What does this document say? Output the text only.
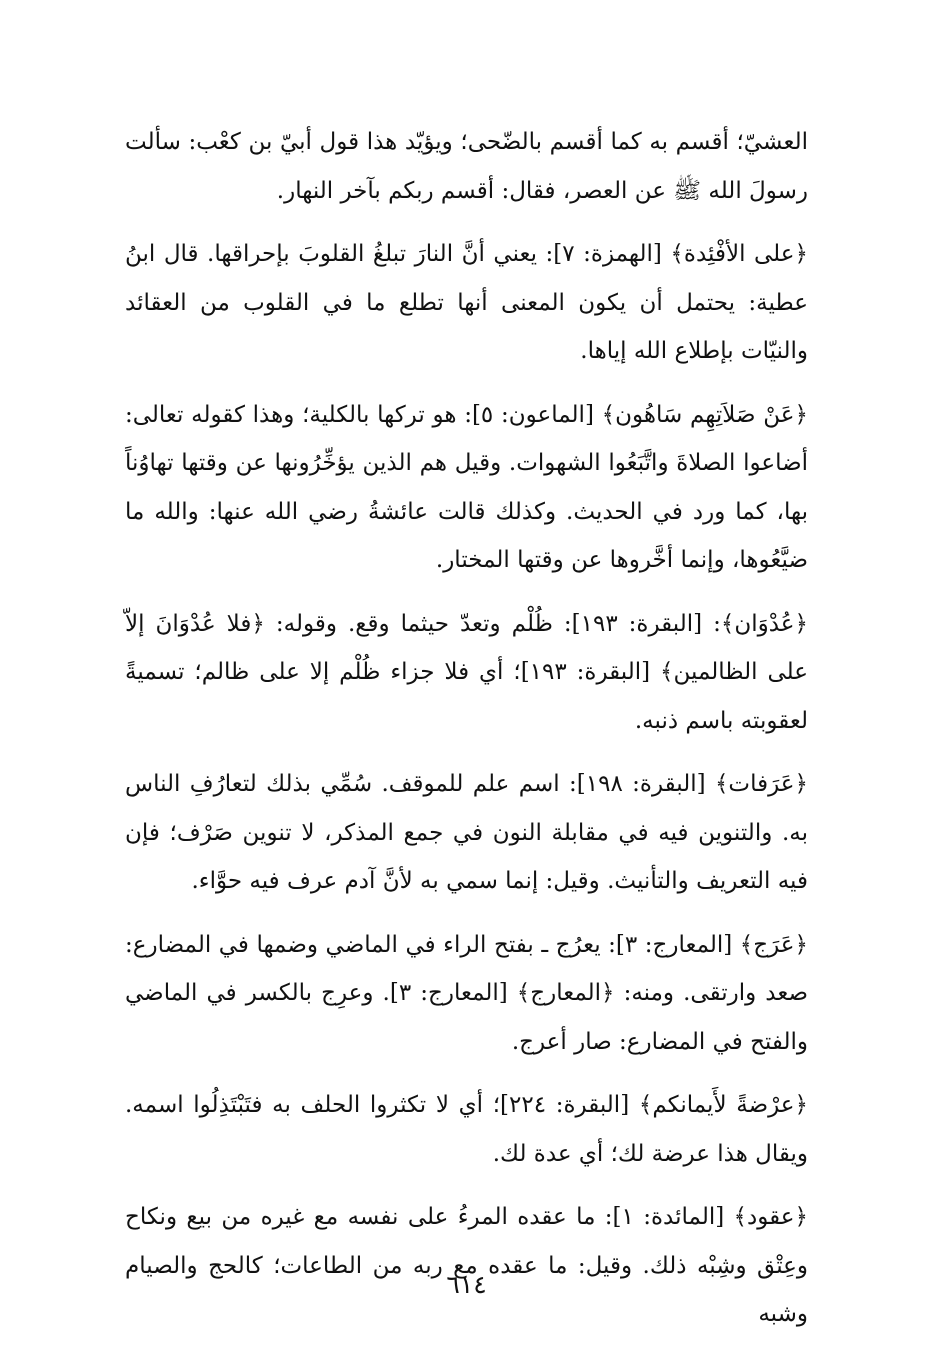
العشيّ؛ أقسم به كما أقسم بالضّحى؛ ويؤيّد هذا قول أبيّ بن كعْب: سألت رسولَ الله ﷺ عن العصر، فقال: أقسم ربكم بآخر النهار.

﴿على الأفْئِدة﴾ [الهمزة: ٧]: يعني أنَّ النارَ تبلغُ القلوبَ بإحراقها. قال ابنُ عطية: يحتمل أن يكون المعنى أنها تطلع ما في القلوب من العقائد والنيّات بإطلاع الله إياها.

﴿عَنْ صَلاَتِهِم سَاهُون﴾ [الماعون: ٥]: هو تركها بالكلية؛ وهذا كقوله تعالى: أضاعوا الصلاةَ واتَّبَعُوا الشهوات. وقيل هم الذين يؤخِّرُونها عن وقتها تهاوُناً بها، كما ورد في الحديث. وكذلك قالت عائشةُ رضي الله عنها: والله ما ضيَّعُوها، وإنما أخَّروها عن وقتها المختار.

﴿عُدْوَان﴾: [البقرة: ١٩٣]: ظُلْم وتعدّ حيثما وقع. وقوله: ﴿فلا عُدْوَانَ إلاّ على الظالمين﴾ [البقرة: ١٩٣]؛ أي فلا جزاء ظُلْم إلا على ظالم؛ تسميةً لعقوبته باسم ذنبه.

﴿عَرَفات﴾ [البقرة: ١٩٨]: اسم علم للموقف. سُمِّي بذلك لتعارُفِ الناس به. والتنوين فيه في مقابلة النون في جمع المذكر، لا تنوين صَرْف؛ فإن فيه التعريف والتأنيث. وقيل: إنما سمي به لأنَّ آدم عرف فيه حوَّاء.

﴿عَرَج﴾ [المعارج: ٣]: يعرُج ـ بفتح الراء في الماضي وضمها في المضارع: صعد وارتقى. ومنه: ﴿المعارج﴾ [المعارج: ٣]. وعرِج بالكسر في الماضي والفتح في المضارع: صار أعرج.

﴿عرْضةً لأَيمانكم﴾ [البقرة: ٢٢٤]؛ أي لا تكثروا الحلف به فتَبْتَذِلُوا اسمه. ويقال هذا عرضة لك؛ أي عدة لك.

﴿عقود﴾ [المائدة: ١]: ما عقده المرءُ على نفسه مع غيره من بيع ونكاح وعِتْق وشِبْه ذلك. وقيل: ما عقده مع ربه من الطاعات؛ كالحج والصيام وشبه

٦١٤
